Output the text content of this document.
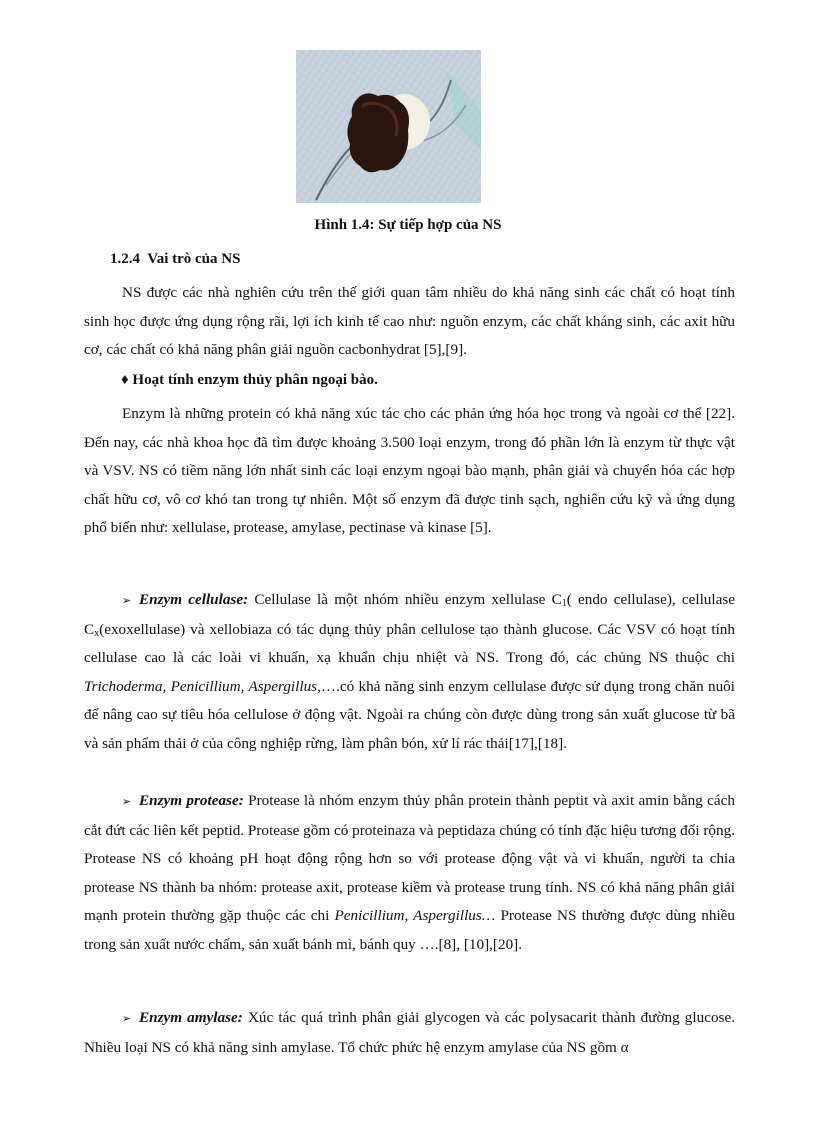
Hình 1.4: Sự tiếp hợp của NS
1.2.4 Vai trò của NS

NS được các nhà nghiên cứu trên thế giới quan tâm nhiều do khả năng sinh các chất có hoạt tính sinh học được ứng dụng rộng rãi, lợi ích kinh tế cao như: nguồn enzym, các chất kháng sinh, các axit hữu cơ, các chất có khả năng phân giải nguồn cacbonhydrat [5],[9].

♦ Hoạt tính enzym thủy phân ngoại bào.

Enzym là những protein có khả năng xúc tác cho các phản ứng hóa học trong và ngoài cơ thể [22]. Đến nay, các nhà khoa học đã tìm được khoảng 3.500 loại enzym, trong đó phần lớn là enzym từ thực vật và VSV. NS có tiềm năng lớn nhất sinh các loại enzym ngoại bào mạnh, phân giải và chuyển hóa các hợp chất hữu cơ, vô cơ khó tan trong tự nhiên. Một số enzym đã được tinh sạch, nghiên cứu kỹ và ứng dụng phổ biến như: xellulase, protease, amylase, pectinase và kinase [5].

➢ Enzym cellulase: Cellulase là một nhóm nhiều enzym xellulase $C_1$( endo cellulase), cellulase $C_x(exoxellulase)$ và xellobiaza có tác dụng thủy phân cellulose tạo thành glucose. Các VSV có hoạt tính cellulase cao là các loài vi khuẩn, xạ khuẩn chịu nhiệt và NS. Trong đó, các chủng NS thuộc chi Trichoderma, Penicillium, Aspergillus,….có khả năng sinh enzym cellulase được sử dụng trong chăn nuôi để nâng cao sự tiêu hóa cellulose ở động vật. Ngoài ra chúng còn được dùng trong sản xuất glucose từ bã và sản phẩm thải ở của công nghiệp rừng, làm phân bón, xử lí rác thải[17],[18].

➢ Enzym protease: Protease là nhóm enzym thủy phân protein thành peptit và axit amin bằng cách cắt đứt các liên kết peptid. Protease gồm có proteinaza và peptidaza chúng có tính đặc hiệu tương đối rộng. Protease NS có khoảng pH hoạt động rộng hơn so với protease động vật và vi khuẩn, người ta chia protease NS thành ba nhóm: protease axit, protease kiềm và protease trung tính. NS có khả năng phân giải mạnh protein thường gặp thuộc các chi Penicillium, Aspergillus… Protease NS thường được dùng nhiều trong sản xuất nước chấm, sản xuất bánh mì, bánh quy ….[8], [10],[20].

➢ Enzym amylase: Xúc tác quá trình phân giải glycogen và các polysacarit thành đường glucose. Nhiều loại NS có khả năng sinh amylase. Tổ chức phức hệ enzym amylase của NS gồm α
